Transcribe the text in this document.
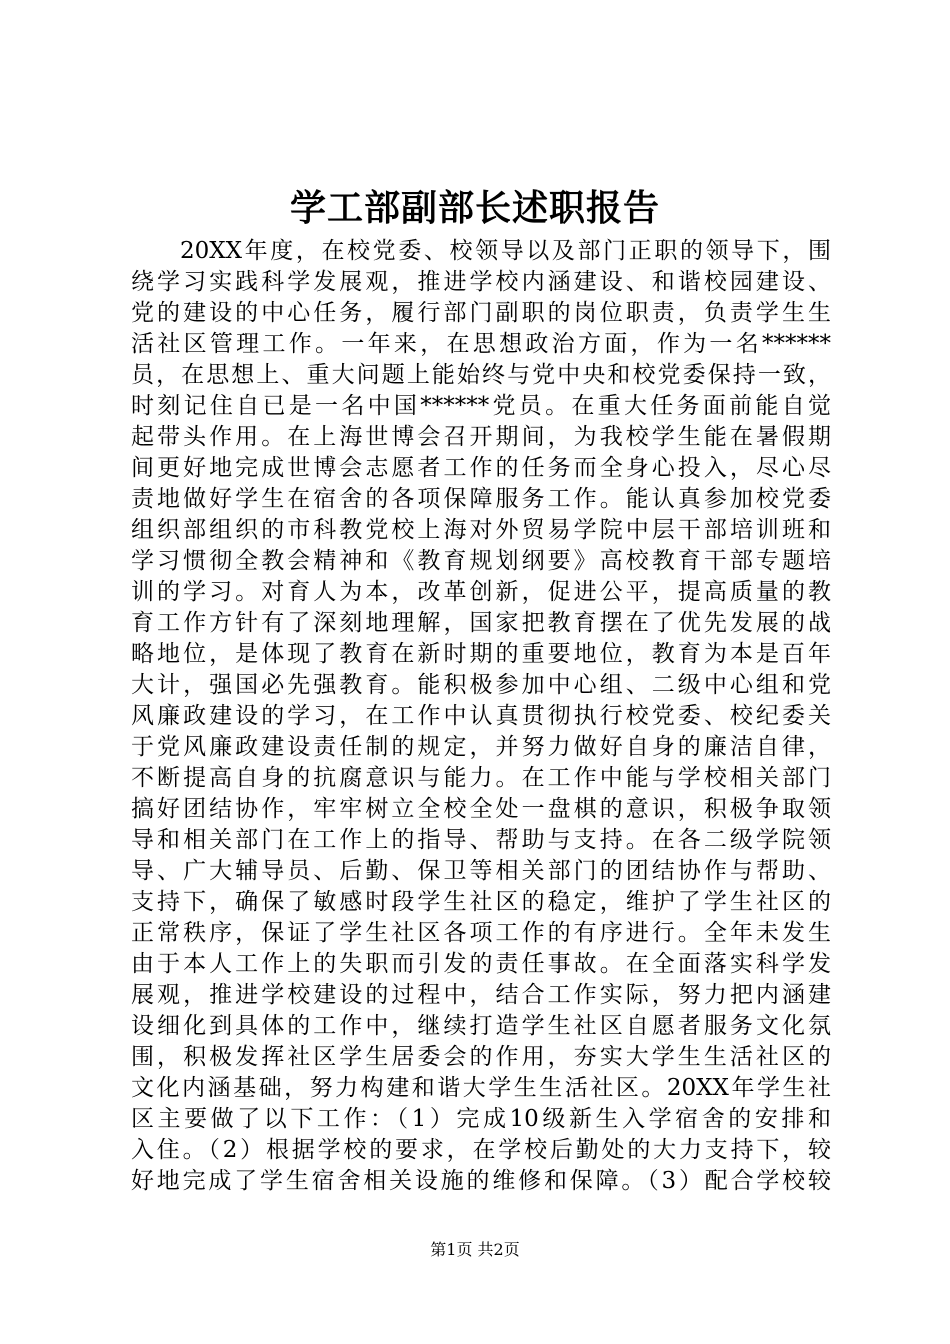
学工部副部长述职报告
20XX年度，在校党委、校领导以及部门正职的领导下，围
绕学习实践科学发展观，推进学校内涵建设、和谐校园建设、
党的建设的中心任务，履行部门副职的岗位职责，负责学生生
活社区管理工作。一年来，在思想政治方面，作为一名******
员，在思想上、重大问题上能始终与党中央和校党委保持一致，
时刻记住自已是一名中国******党员。在重大任务面前能自觉
起带头作用。在上海世博会召开期间，为我校学生能在暑假期
间更好地完成世博会志愿者工作的任务而全身心投入，尽心尽
责地做好学生在宿舍的各项保障服务工作。能认真参加校党委
组织部组织的市科教党校上海对外贸易学院中层干部培训班和
学习惯彻全教会精神和《教育规划纲要》高校教育干部专题培
训的学习。对育人为本，改革创新，促进公平，提高质量的教
育工作方针有了深刻地理解，国家把教育摆在了优先发展的战
略地位，是体现了教育在新时期的重要地位，教育为本是百年
大计，强国必先强教育。能积极参加中心组、二级中心组和党
风廉政建设的学习，在工作中认真贯彻执行校党委、校纪委关
于党风廉政建设责任制的规定，并努力做好自身的廉洁自律，
不断提高自身的抗腐意识与能力。在工作中能与学校相关部门
搞好团结协作，牢牢树立全校全处一盘棋的意识，积极争取领
导和相关部门在工作上的指导、帮助与支持。在各二级学院领
导、广大辅导员、后勤、保卫等相关部门的团结协作与帮助、
支持下，确保了敏感时段学生社区的稳定，维护了学生社区的
正常秩序，保证了学生社区各项工作的有序进行。全年未发生
由于本人工作上的失职而引发的责任事故。在全面落实科学发
展观，推进学校建设的过程中，结合工作实际，努力把内涵建
设细化到具体的工作中，继续打造学生社区自愿者服务文化氛
围，积极发挥社区学生居委会的作用，夯实大学生生活社区的
文化内涵基础，努力构建和谐大学生生活社区。20XX年学生社
区主要做了以下工作：（1）完成10级新生入学宿舍的安排和
入住。（2）根据学校的要求，在学校后勤处的大力支持下，较
好地完成了学生宿舍相关设施的维修和保障。（3）配合学校较
第1页 共2页
